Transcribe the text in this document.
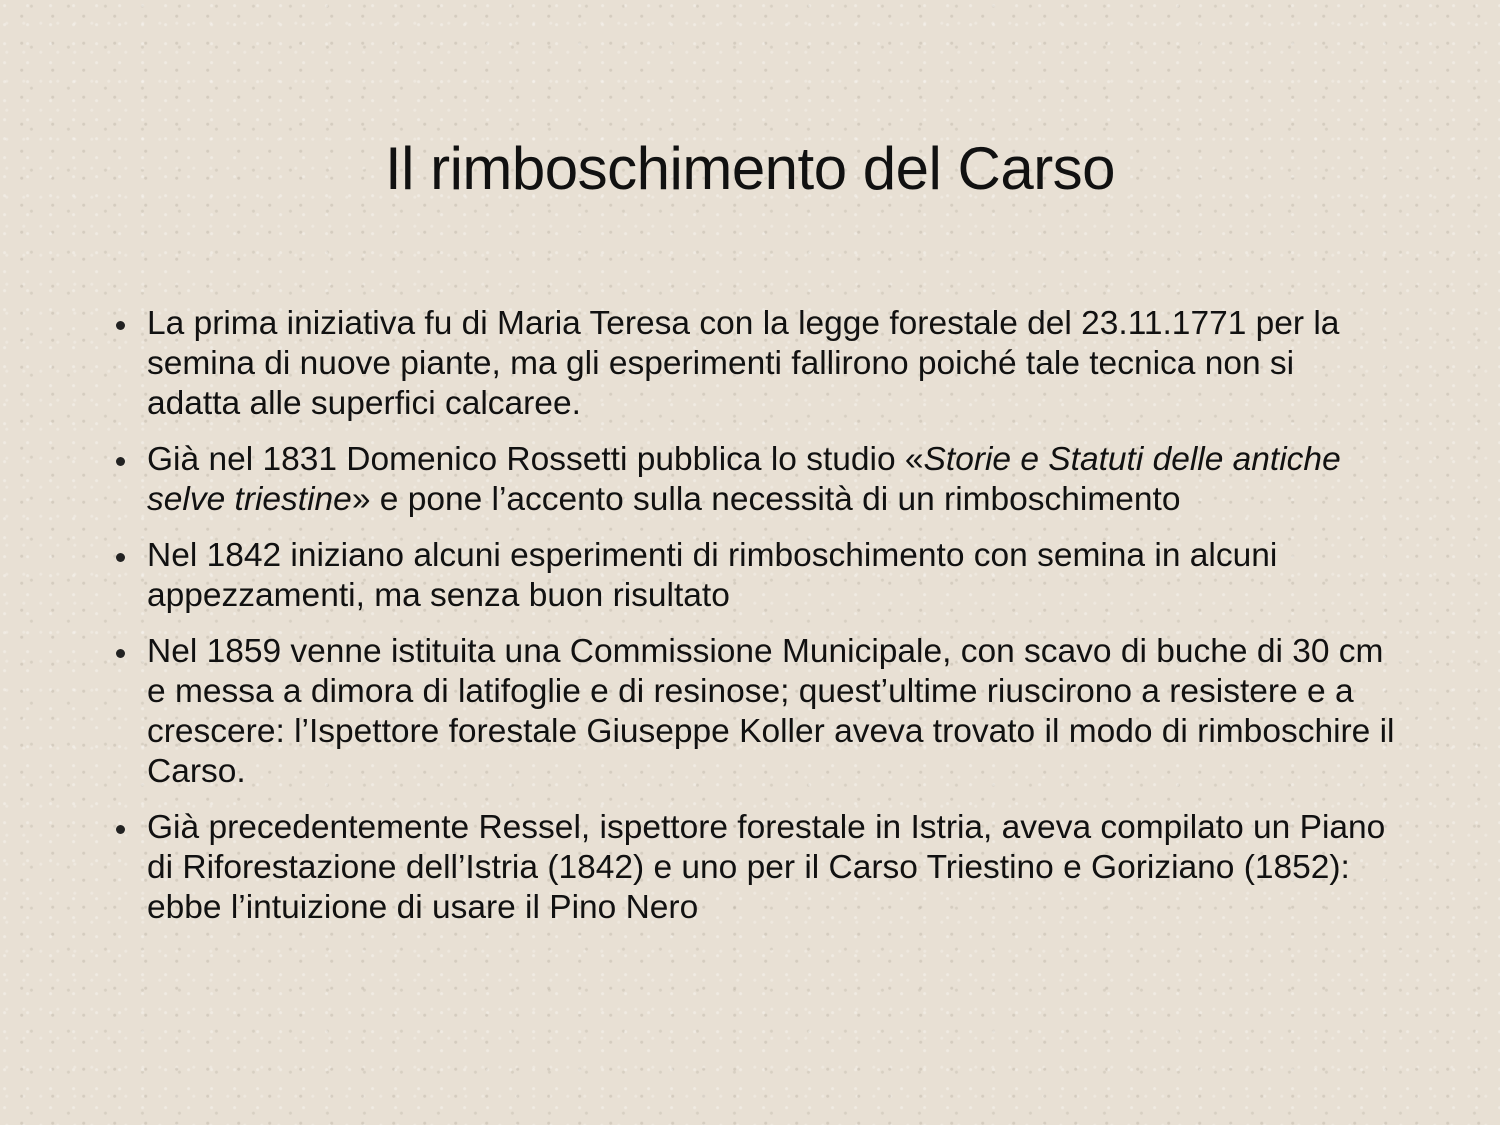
Il rimboschimento del Carso
La prima iniziativa fu di Maria Teresa con la legge forestale del 23.11.1771 per la semina di nuove piante, ma gli esperimenti fallirono poiché tale tecnica non si adatta alle superfici calcaree.
Già nel 1831 Domenico Rossetti pubblica lo studio «Storie e Statuti delle antiche selve triestine» e pone l’accento sulla necessità di un rimboschimento
Nel 1842 iniziano alcuni esperimenti di rimboschimento con semina in alcuni appezzamenti, ma senza buon risultato
Nel 1859 venne istituita una Commissione Municipale, con scavo di buche di 30 cm e messa a dimora di latifoglie e di resinose; quest’ultime riuscirono a resistere e a crescere: l’Ispettore forestale Giuseppe Koller aveva trovato il modo di rimboschire il Carso.
Già precedentemente Ressel, ispettore forestale in Istria, aveva compilato un Piano di Riforestazione dell’Istria (1842) e uno per il Carso Triestino e Goriziano (1852): ebbe l’intuizione di usare il Pino Nero
